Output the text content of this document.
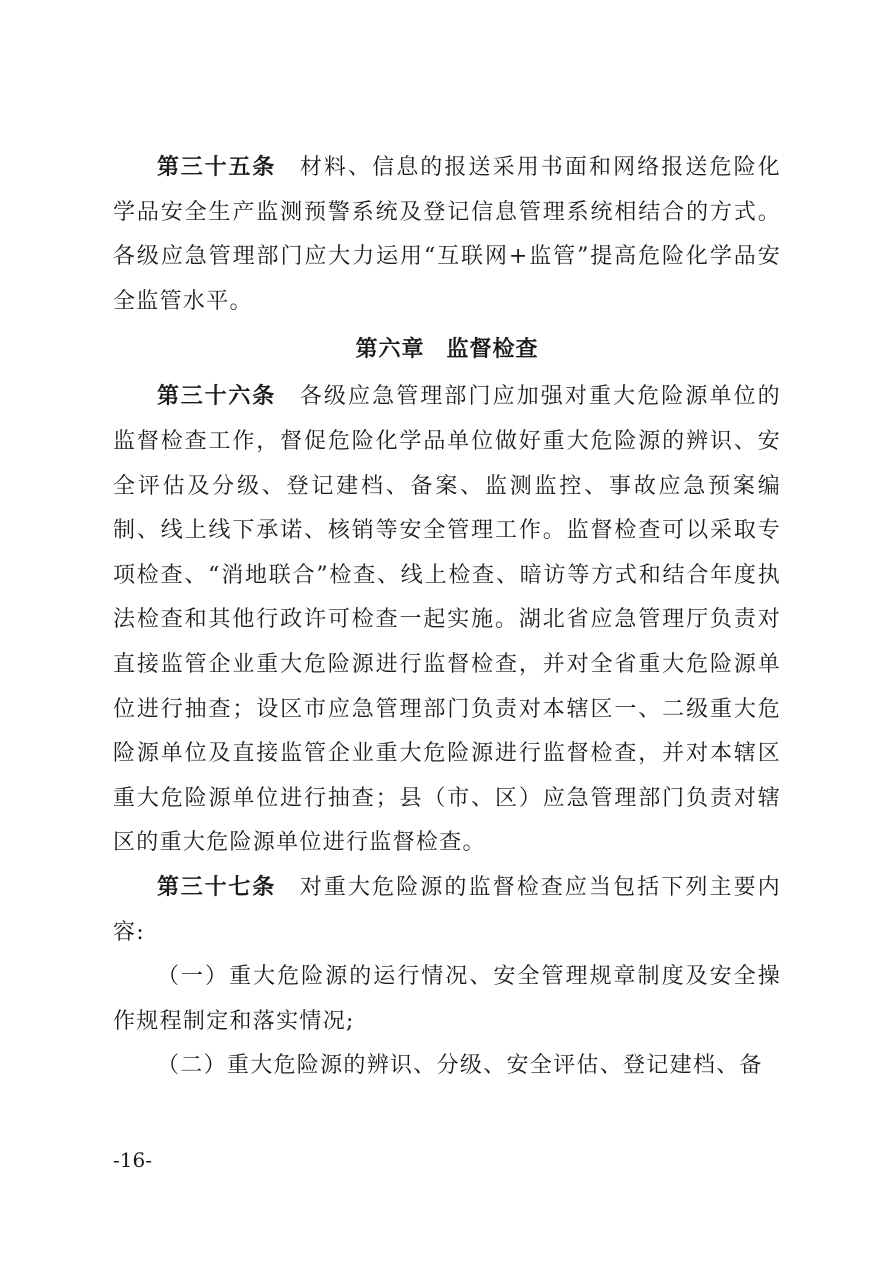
第三十五条 材料、信息的报送采用书面和网络报送危险化学品安全生产监测预警系统及登记信息管理系统相结合的方式。各级应急管理部门应大力运用“互联网+监管”提高危险化学品安全监管水平。

第六章 监督检查

第三十六条 各级应急管理部门应加强对重大危险源单位的监督检查工作，督促危险化学品单位做好重大危险源的辨识、安全评估及分级、登记建档、备案、监测监控、事故应急预案编制、线上线下承诺、核销等安全管理工作。监督检查可以采取专项检查、“消地联合”检查、线上检查、暗访等方式和结合年度执法检查和其他行政许可检查一起实施。湖北省应急管理厅负责对直接监管企业重大危险源进行监督检查，并对全省重大危险源单位进行抽查；设区市应急管理部门负责对本辖区一、二级重大危险源单位及直接监管企业重大危险源进行监督检查，并对本辖区重大危险源单位进行抽查；县（市、区）应急管理部门负责对辖区的重大危险源单位进行监督检查。

第三十七条 对重大危险源的监督检查应当包括下列主要内容:

（一）重大危险源的运行情况、安全管理规章制度及安全操作规程制定和落实情况;

（二）重大危险源的辨识、分级、安全评估、登记建档、备

-16-
